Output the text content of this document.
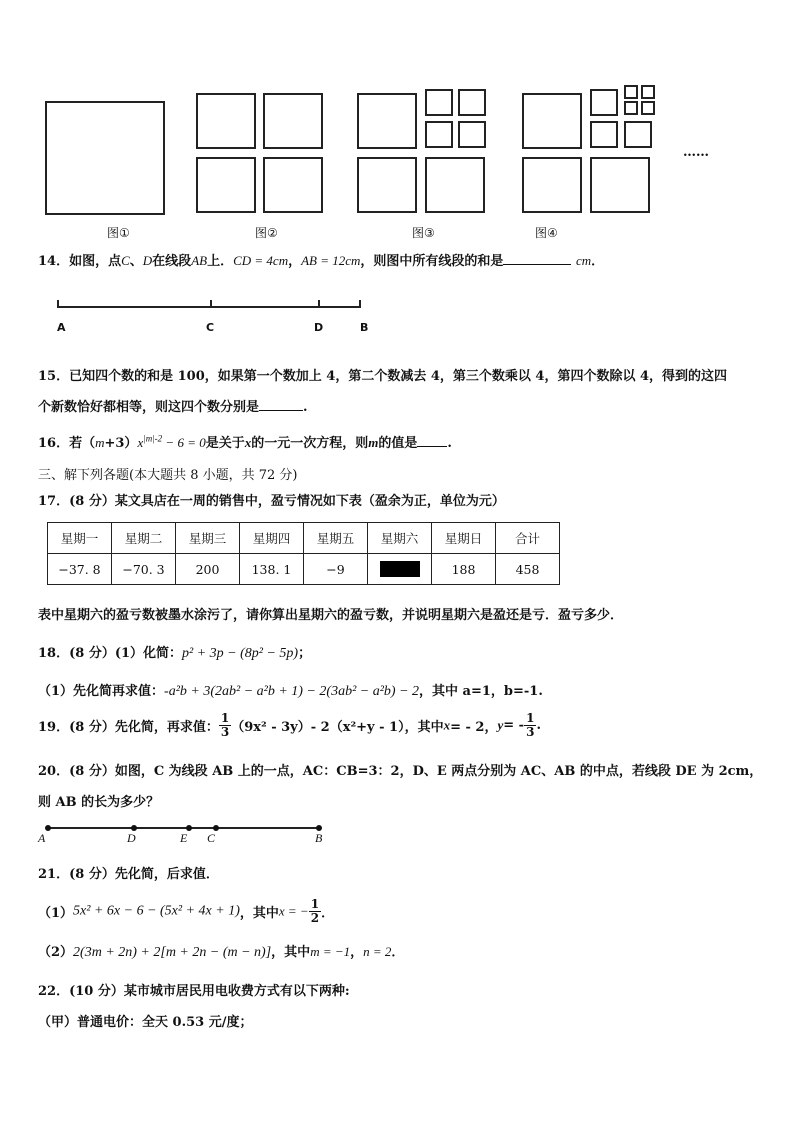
……
图①	图②	图③	图④
14．如图，点C、D在线段AB上．CD = 4cm，AB = 12cm，则图中所有线段的和是	cm．
A	C	D	B
15．已知四个数的和是 100，如果第一个数加上 4，第二个数减去 4，第三个数乘以 4，第四个数除以 4，得到的这四
个新数恰好都相等，则这四个数分别是	.
16．若$(m+3)x^{|m|-2} - 6 = 0$是关于x的一元一次方程，则m的值是 .
三、解下列各题(本大题共 8 小题，共 72 分)
17．(8 分）某文具店在一周的销售中，盈亏情况如下表（盈余为正，单位为元）
星期一	星期二	星期三	星期四	星期五	星期六	星期日	合计
−37. 8	−70. 3	200	138. 1	−9		188	458
表中星期六的盈亏数被墨水涂污了，请你算出星期六的盈亏数，并说明星期六是盈还是亏．盈亏多少．
18．(8 分）(1）化简：p² + 3p − (8p² − 5p)；
（1）先化简再求值：-a²b + 3(2ab² − a²b + 1) − 2(3ab² − a²b) − 2，其中 a=1，b=-1.
19．(8 分）先化简，再求值： $\frac{1}{3} (9x^2 - 3y)-$ 2（x²+y - 1），其中x= - 2，$y= - \frac{1}{3}$ .
20．(8 分）如图，C 为线段 AB 上的一点，AC：CB=3：2，D、E 两点分别为 AC、AB 的中点，若线段 DE 为 2cm，
则 AB 的长为多少？
A	D	E C	B
21．(8 分）先化简，后求值．
（1）5x² + 6x − 6 − (5x² + 4x + 1)，其中x = − $\frac{1}{2}$ ．
（2）2(3m + 2n) + 2[m + 2n − (m − n)]，其中m = −1，n = 2．
22．(10 分）某市城市居民用电收费方式有以下两种:
（甲）普通电价：全天 0.53 元/度；
